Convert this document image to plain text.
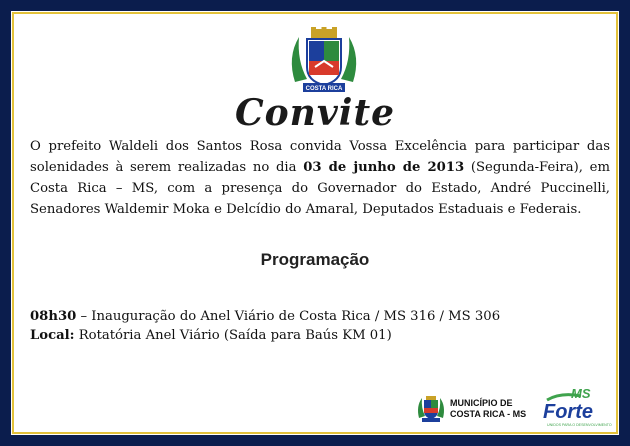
COSTA RICA
Convite
O prefeito Waldeli dos Santos Rosa convida Vossa Excelência para participar das solenidades à serem realizadas no dia 03 de junho de 2013 (Segunda-Feira), em Costa Rica – MS, com a presença do Governador do Estado, André Puccinelli, Senadores Waldemir Moka e Delcídio do Amaral, Deputados Estaduais e Federais.
Programação
08h30 – Inauguração do Anel Viário de Costa Rica / MS 316 / MS 306
Local: Rotatória Anel Viário (Saída para Baús KM 01)
MUNICÍPIO DE
COSTA RICA - MS
MS
Forte
UNIDOS PARA O DESENVOLVIMENTO
